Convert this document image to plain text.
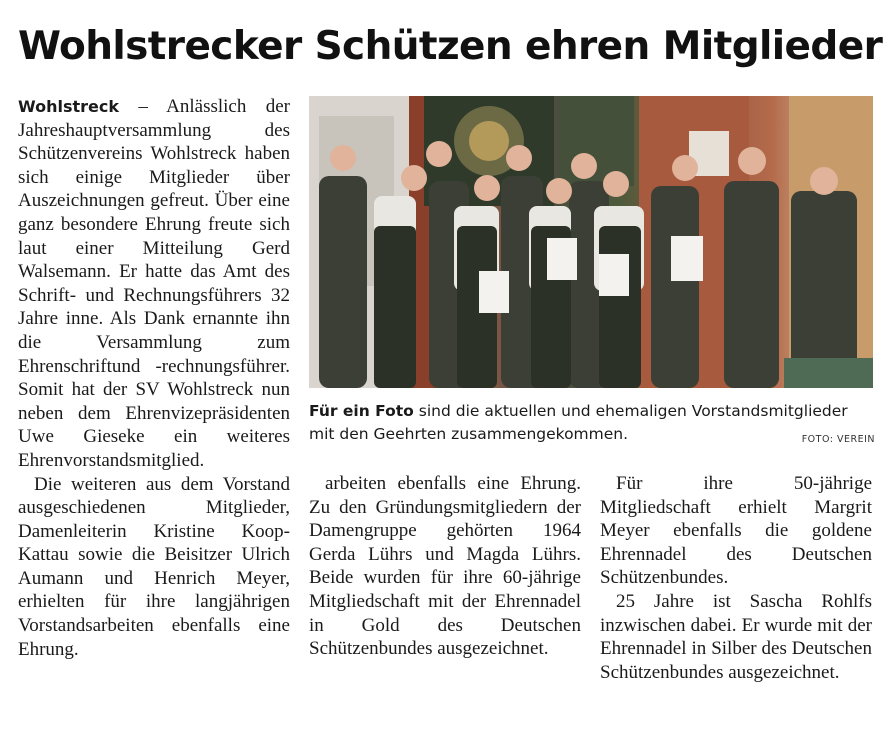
Wohlstrecker Schützen ehren Mitglieder

Wohlstreck – Anlässlich der Jahreshauptversammlung des Schützenvereins Wohlstreck haben sich einige Mitglieder über Auszeichnungen gefreut. Über eine ganz besondere Ehrung freute sich laut einer Mitteilung Gerd Walsemann. Er hatte das Amt des Schrift- und Rechnungsführers 32 Jahre inne. Als Dank ernannte ihn die Versammlung zum Ehrenschriftund -rechnungsführer. Somit hat der SV Wohlstreck nun neben dem Ehrenvizepräsidenten Uwe Gieseke ein weiteres Ehrenvorstandsmitglied.

Die weiteren aus dem Vorstand ausgeschiedenen Mitglieder, Damenleiterin Kristine Koop-Kattau sowie die Beisitzer Ulrich Aumann und Henrich Meyer, erhielten für ihre langjährigen Vorstandsarbeiten ebenfalls eine Ehrung.

Für ein Foto sind die aktuellen und ehemaligen Vorstandsmitglieder mit den Geehrten zusammengekommen.	FOTO: VEREIN

arbeiten ebenfalls eine Ehrung. Zu den Gründungsmitgliedern der Damengruppe gehörten 1964 Gerda Lührs und Magda Lührs. Beide wurden für ihre 60-jährige Mitgliedschaft mit der Ehrennadel in Gold des Deutschen Schützenbundes ausgezeichnet.

Für ihre 50-jährige Mitgliedschaft erhielt Margrit Meyer ebenfalls die goldene Ehrennadel des Deutschen Schützenbundes.

25 Jahre ist Sascha Rohlfs inzwischen dabei. Er wurde mit der Ehrennadel in Silber des Deutschen Schützenbundes ausgezeichnet.
